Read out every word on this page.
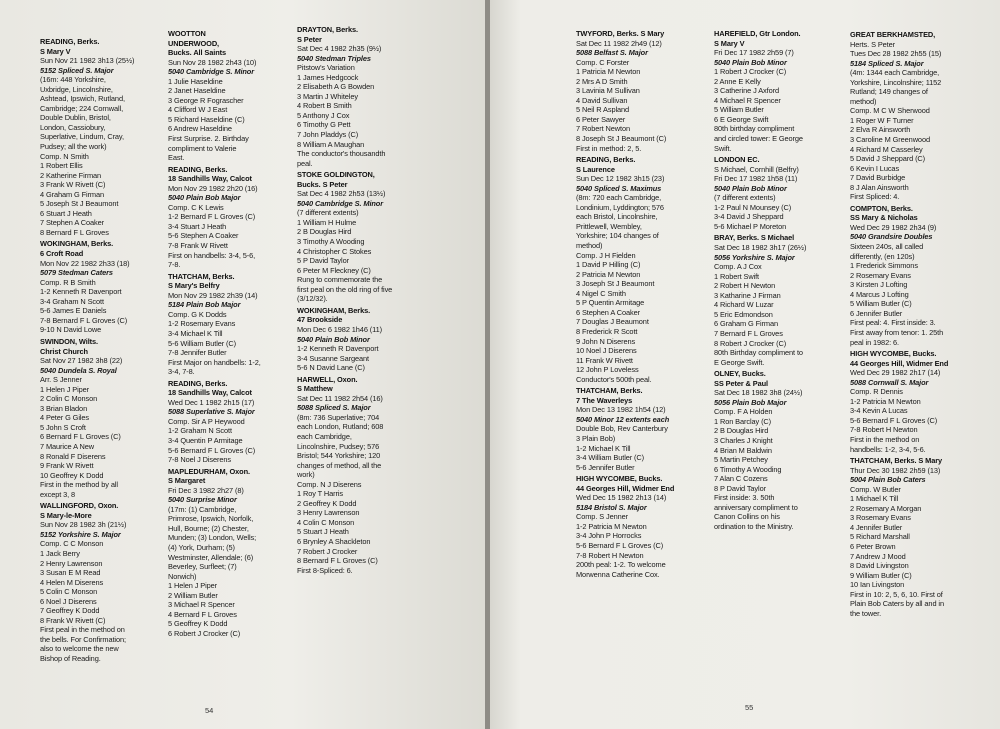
READING, Berks.
S Mary V
Sun Nov 21 1982 3h13 (25½)
5152 Spliced S. Major
(16m: 448 Yorkshire,
Uxbridge, Lincolnshire,
Ashtead, Ipswich, Rutland,
Cambridge; 224 Cornwall,
Double Dublin, Bristol,
London, Cassiobury,
Superlative, Lindum, Cray,
Pudsey; all the work)
Comp. N Smith
1 Robert Ellis
2 Katherine Firman
3 Frank W Rivett (C)
4 Graham G Firman
5 Joseph St J Beaumont
6 Stuart J Heath
7 Stephen A Coaker
8 Bernard F L Groves
WOKINGHAM, Berks.
6 Croft Road
Mon Nov 22 1982 2h33 (18)
5079 Stedman Caters
Comp. R B Smith
1-2 Kenneth R Davenport
3-4 Graham N Scott
5-6 James E Daniels
7-8 Bernard F L Groves (C)
9-10 N David Lowe
SWINDON, Wilts.
Christ Church
Sat Nov 27 1982 3h8 (22)
5040 Dundela S. Royal
Arr. S Jenner
1 Helen J Piper
2 Colin C Monson
3 Brian Bladon
4 Peter G Giles
5 John S Croft
6 Bernard F L Groves (C)
7 Maurice A New
8 Ronald F Diserens
9 Frank W Rivett
10 Geoffrey K Dodd
First in the method by all
except 3, 8
WALLINGFORD, Oxon.
S Mary-le-More
Sun Nov 28 1982 3h (21½)
5152 Yorkshire S. Major
Comp. C C Monson
1 Jack Berry
2 Henry Lawrenson
3 Susan E M Read
4 Helen M Diserens
5 Colin C Monson
6 Noel J Diserens
7 Geoffrey K Dodd
8 Frank W Rivett (C)
First peal in the method on
the bells. For Confirmation;
also to welcome the new
Bishop of Reading.
WOOTTON
UNDERWOOD,
Bucks. All Saints
Sun Nov 28 1982 2h43 (10)
5040 Cambridge S. Minor
1 Julie Haseldine
2 Janet Haseldine
3 George R Fograscher
4 Clifford W J East
5 Richard Haseldine (C)
6 Andrew Haseldine
First Surprise. 2. Birthday
compliment to Valerie
East.
READING, Berks.
18 Sandhills Way, Calcot
Mon Nov 29 1982 2h20 (16)
5040 Plain Bob Major
Comp. C K Lewis
1-2 Bernard F L Groves (C)
3-4 Stuart J Heath
5-6 Stephen A Coaker
7-8 Frank W Rivett
First on handbells: 3-4, 5-6,
7-8.
THATCHAM, Berks.
S Mary's Belfry
Mon Nov 29 1982 2h39 (14)
5184 Plain Bob Major
Comp. G K Dodds
1-2 Rosemary Evans
3-4 Michael K Till
5-6 William Butler (C)
7-8 Jennifer Butler
First Major on handbells: 1-2,
3-4, 7-8.
READING, Berks.
18 Sandhills Way, Calcot
Wed Dec 1 1982 2h15 (17)
5088 Superlative S. Major
Comp. Sir A P Heywood
1-2 Graham N Scott
3-4 Quentin P Armitage
5-6 Bernard F L Groves (C)
7-8 Noel J Diserens
MAPLEDURHAM, Oxon.
S Margaret
Fri Dec 3 1982 2h27 (8)
5040 Surprise Minor
(17m: (1) Cambridge,
Primrose, Ipswich, Norfolk,
Hull, Bourne; (2) Chester,
Munden; (3) London, Wells;
(4) York, Durham; (5)
Westminster, Allendale; (6)
Beverley, Surfleet; (7)
Norwich)
1 Helen J Piper
2 William Butler
3 Michael R Spencer
4 Bernard F L Groves
5 Geoffrey K Dodd
6 Robert J Crocker (C)
DRAYTON, Berks.
S Peter
Sat Dec 4 1982 2h35 (9½)
5040 Stedman Triples
Pitstow's Variation
1 James Hedgcock
2 Elisabeth A G Bowden
3 Martin J Whiteley
4 Robert B Smith
5 Anthony J Cox
6 Timothy G Pett
7 John Pladdys (C)
8 William A Maughan
The conductor's thousandth
peal.
STOKE GOLDINGTON,
Bucks. S Peter
Sat Dec 4 1982 2h53 (13½)
5040 Cambridge S. Minor
(7 different extents)
1 William H Hulme
2 B Douglas Hird
3 Timothy A Wooding
4 Christopher C Stokes
5 P David Taylor
6 Peter M Fleckney (C)
Rung to commemorate the
first peal on the old ring of five
(3/12/32).
WOKINGHAM, Berks.
47 Brookside
Mon Dec 6 1982 1h46 (11)
5040 Plain Bob Minor
1-2 Kenneth R Davenport
3-4 Susanne Sargeant
5-6 N David Lane (C)
HARWELL, Oxon.
S Matthew
Sat Dec 11 1982 2h54 (16)
5088 Spliced S. Major
(8m: 736 Superlative; 704
each London, Rutland; 608
each Cambridge,
Lincolnshire, Pudsey; 576
Bristol; 544 Yorkshire; 120
changes of method, all the
work)
Comp. N J Diserens
1 Roy T Harris
2 Geoffrey K Dodd
3 Henry Lawrenson
4 Colin C Monson
5 Stuart J Heath
6 Brynley A Shackleton
7 Robert J Crocker
8 Bernard F L Groves (C)
First 8-Spliced: 6.
54
TWYFORD, Berks. S Mary
Sat Dec 11 1982 2h49 (12)
5088 Belfast S. Major
Comp. C Forster
1 Patricia M Newton
2 Mrs A D Smith
3 Lavinia M Sullivan
4 David Sullivan
5 Neil R Aspland
6 Peter Sawyer
7 Robert Newton
8 Joseph St J Beaumont (C)
First in method: 2, 5.
READING, Berks.
S Laurence
Sun Dec 12 1982 3h15 (23)
5040 Spliced S. Maximus
(8m: 720 each Cambridge,
Londinium, Lyddington; 576
each Bristol, Lincolnshire,
Prittlewell, Wembley,
Yorkshire; 104 changes of
method)
Comp. J H Fielden
1 David P Hilling (C)
2 Patricia M Newton
3 Joseph St J Beaumont
4 Nigel C Smith
5 P Quentin Armitage
6 Stephen A Coaker
7 Douglas J Beaumont
8 Frederick R Scott
9 John N Diserens
10 Noel J Diserens
11 Frank W Rivett
12 John P Loveless
Conductor's 500th peal.
THATCHAM, Berks.
7 The Waverleys
Mon Dec 13 1982 1h54 (12)
5040 Minor 12 extents each
Double Bob, Rev Canterbury
3 Plain Bob)
1-2 Michael K Till
3-4 William Butler (C)
5-6 Jennifer Butler
HIGH WYCOMBE, Bucks.
44 Georges Hill, Widmer End
Wed Dec 15 1982 2h13 (14)
5184 Bristol S. Major
Comp. S Jenner
1-2 Patricia M Newton
3-4 John P Horrocks
5-6 Bernard F L Groves (C)
7-8 Robert H Newton
200th peal: 1-2. To welcome
Morwenna Catherine Cox.
HAREFIELD, Gtr London.
S Mary V
Fri Dec 17 1982 2h59 (7)
5040 Plain Bob Minor
1 Robert J Crocker (C)
2 Anne E Kelly
3 Catherine J Axford
4 Michael R Spencer
5 William Butler
6 E George Swift
80th birthday compliment
and circled tower: E George
Swift.
LONDON EC.
S Michael, Cornhill (Belfry)
Fri Dec 17 1982 1h58 (11)
5040 Plain Bob Minor
(7 different extents)
1-2 Paul N Mounsey (C)
3-4 David J Sheppard
5-6 Michael P Moreton
BRAY, Berks. S Michael
Sat Dec 18 1982 3h17 (26½)
5056 Yorkshire S. Major
Comp. A J Cox
1 Robert Swift
2 Robert H Newton
3 Katharine J Firman
4 Richard W Luzar
5 Eric Edmondson
6 Graham G Firman
7 Bernard F L Groves
8 Robert J Crocker (C)
80th Birthday compliment to
E George Swift.
OLNEY, Bucks.
SS Peter & Paul
Sat Dec 18 1982 3h8 (24½)
5056 Plain Bob Major
Comp. F A Holden
1 Ron Barclay (C)
2 B Douglas Hird
3 Charles J Knight
4 Brian M Baldwin
5 Martin Petchey
6 Timothy A Wooding
7 Alan C Cozens
8 P David Taylor
First inside: 3. 50th
anniversary compliment to
Canon Collins on his
ordination to the Ministry.
GREAT BERKHAMSTED,
Herts. S Peter
Tues Dec 28 1982 2h55 (15)
5184 Spliced S. Major
(4m: 1344 each Cambridge,
Yorkshire, Lincolnshire; 1152
Rutland; 149 changes of
method)
Comp. M C W Sherwood
1 Roger W F Turner
2 Elva R Ainsworth
3 Caroline M Greenwood
4 Richard M Casserley
5 David J Sheppard (C)
6 Kevin I Lucas
7 David Burbidge
8 J Alan Ainsworth
First Spliced: 4.
COMPTON, Berks.
SS Mary & Nicholas
Wed Dec 29 1982 2h34 (9)
5040 Grandsire Doubles
Sixteen 240s, all called
differently, (en 120s)
1 Frederick Simmons
2 Rosemary Evans
3 Kirsten J Lofting
4 Marcus J Lofting
5 William Butler (C)
6 Jennifer Butler
First peal: 4. First inside: 3.
First away from tenor: 1. 25th
peal in 1982: 6.
HIGH WYCOMBE, Bucks.
44 Georges Hill, Widmer End
Wed Dec 29 1982 2h17 (14)
5088 Cornwall S. Major
Comp. R Dennis
1-2 Patricia M Newton
3-4 Kevin A Lucas
5-6 Bernard F L Groves (C)
7-8 Robert H Newton
First in the method on
handbells: 1-2, 3-4, 5-6.
THATCHAM, Berks. S Mary
Thur Dec 30 1982 2h59 (13)
5004 Plain Bob Caters
Comp. W Butler
1 Michael K Till
2 Rosemary A Morgan
3 Rosemary Evans
4 Jennifer Butler
5 Richard Marshall
6 Peter Brown
7 Andrew J Mood
8 David Livingston
9 William Butler (C)
10 Ian Livingston
First in 10: 2, 5, 6, 10. First of
Plain Bob Caters by all and in
the tower.
55
